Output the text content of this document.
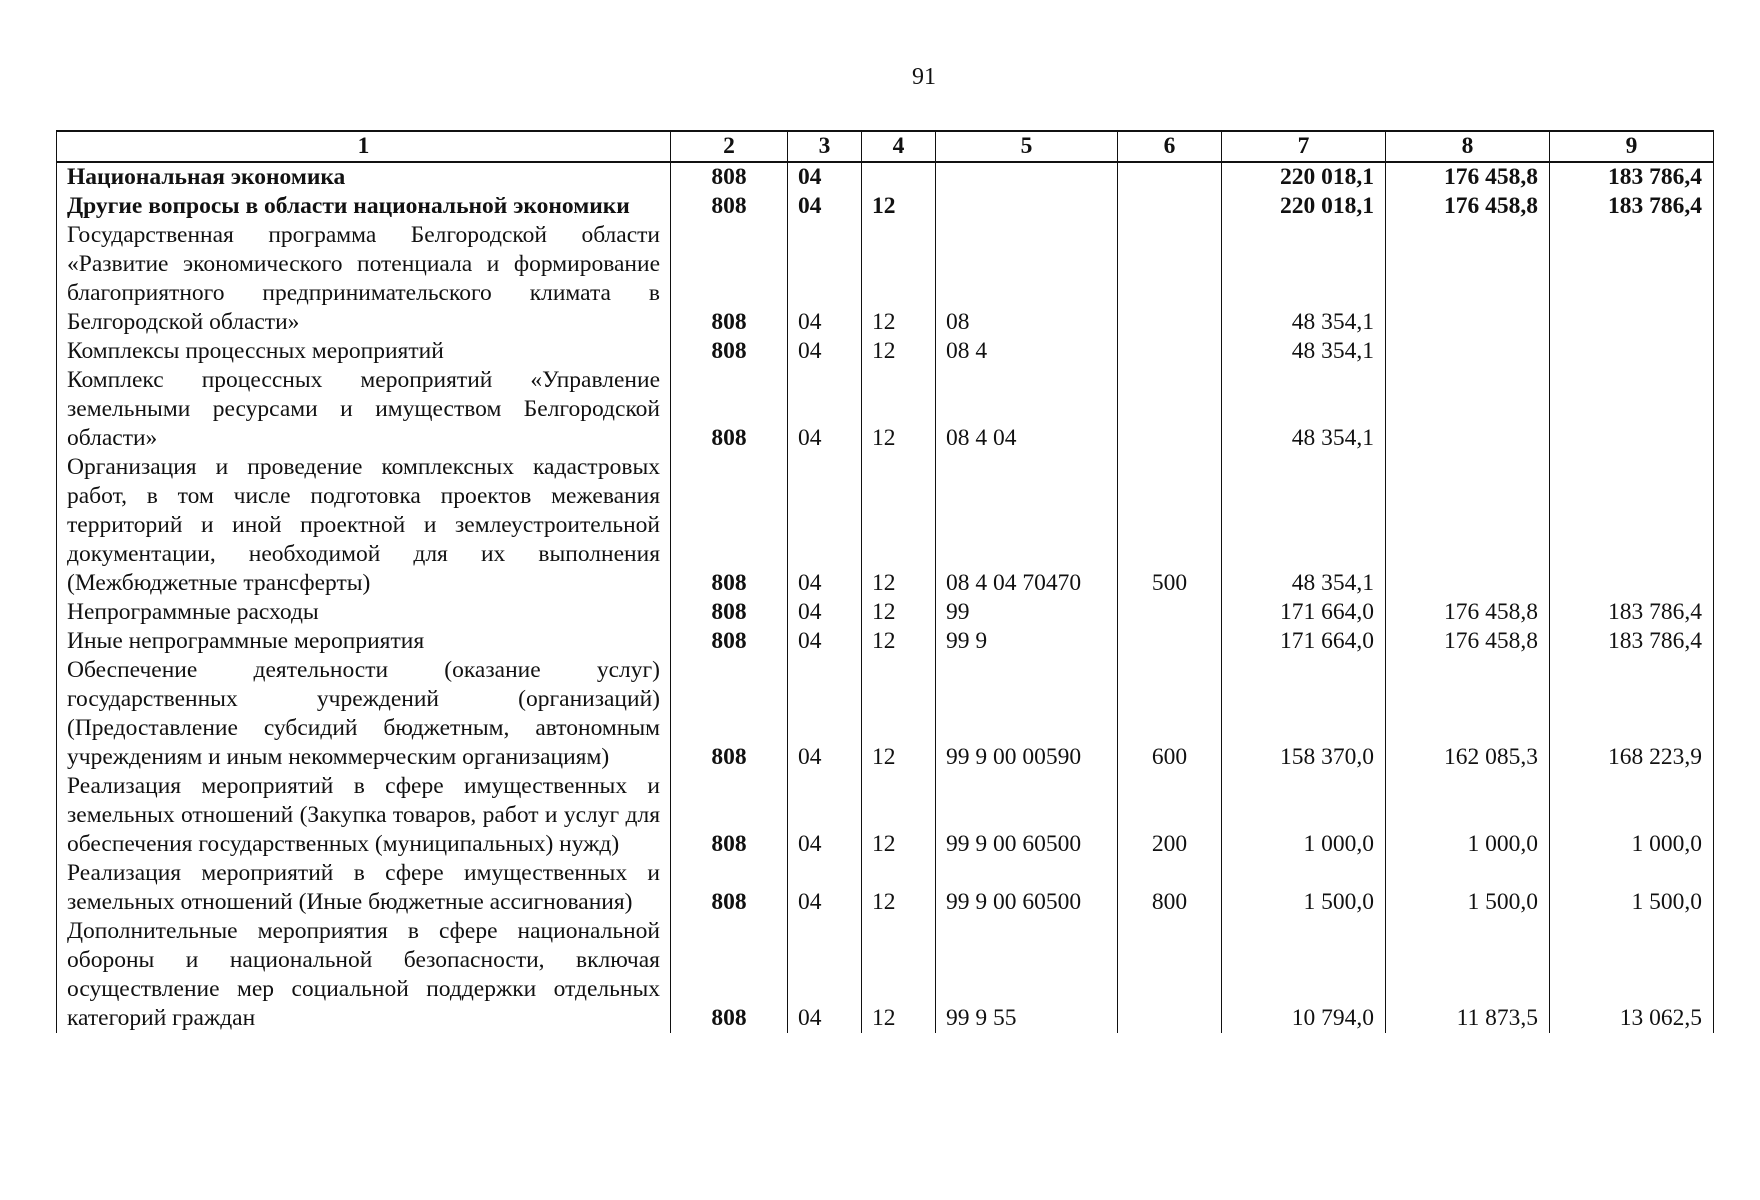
91
1	2	3	4	5	6	7	8	9
Национальная экономика	808	04				220 018,1	176 458,8	183 786,4
Другие вопросы в области национальной экономики	808	04	12			220 018,1	176 458,8	183 786,4
Государственная программа Белгородской области «Развитие экономического потенциала и формирование благоприятного предпринимательского климата в Белгородской области»	808	04	12	08		48 354,1		
Комплексы процессных мероприятий	808	04	12	08 4		48 354,1		
Комплекс процессных мероприятий «Управление земельными ресурсами и имуществом Белгородской области»	808	04	12	08 4 04		48 354,1		
Организация и проведение комплексных кадастровых работ, в том числе подготовка проектов межевания территорий и иной проектной и землеустроительной документации, необходимой для их выполнения (Межбюджетные трансферты)	808	04	12	08 4 04 70470	500	48 354,1		
Непрограммные расходы	808	04	12	99		171 664,0	176 458,8	183 786,4
Иные непрограммные мероприятия	808	04	12	99 9		171 664,0	176 458,8	183 786,4
Обеспечение деятельности (оказание услуг) государственных учреждений (организаций) (Предоставление субсидий бюджетным, автономным учреждениям и иным некоммерческим организациям)	808	04	12	99 9 00 00590	600	158 370,0	162 085,3	168 223,9
Реализация мероприятий в сфере имущественных и земельных отношений (Закупка товаров, работ и услуг для обеспечения государственных (муниципальных) нужд)	808	04	12	99 9 00 60500	200	1 000,0	1 000,0	1 000,0
Реализация мероприятий в сфере имущественных и земельных отношений (Иные бюджетные ассигнования)	808	04	12	99 9 00 60500	800	1 500,0	1 500,0	1 500,0
Дополнительные мероприятия в сфере национальной обороны и национальной безопасности, включая осуществление мер социальной поддержки отдельных категорий граждан	808	04	12	99 9 55		10 794,0	11 873,5	13 062,5
